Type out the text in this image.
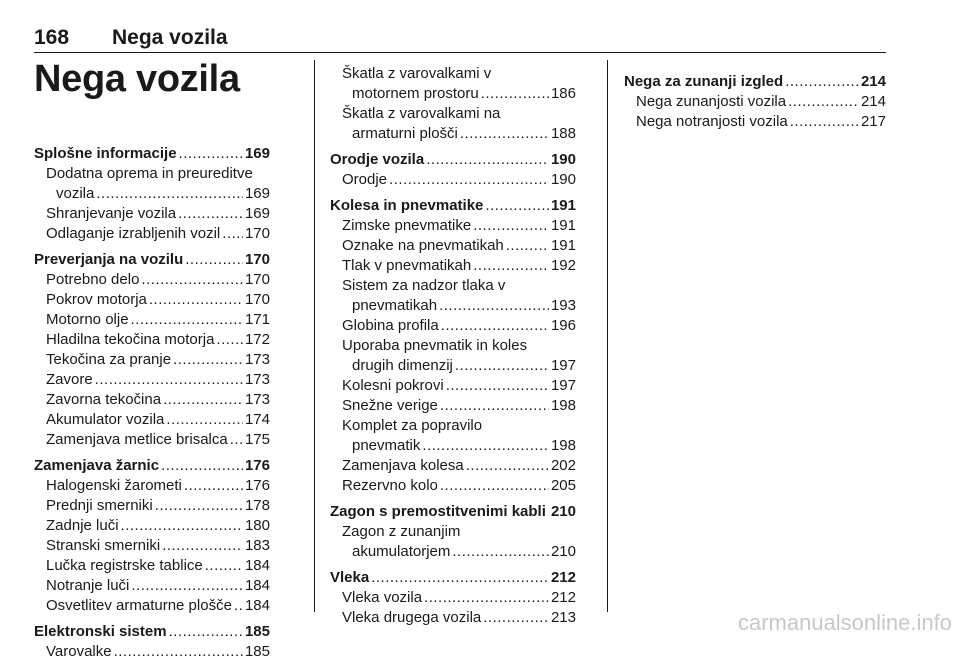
168 Nega vozila
Nega vozila
Splošne informacije .....	169
Dodatna oprema in preureditve
vozila .....	169
Shranjevanje vozila .....	169
Odlaganje izrabljenih vozil ..... 170
Preverjanja na vozilu .....	170
Potrebno delo .....	170
Pokrov motorja .....	170
Motorno olje .....	171
Hladilna tekočina motorja ..... 172
Tekočina za pranje .....	173
Zavore .....	173
Zavorna tekočina .....	173
Akumulator vozila .....	174
Zamenjava metlice brisalca ..... 175
Zamenjava žarnic .....	176
Halogenski žarometi .....	176
Prednji smerniki .....	178
Zadnje luči .....	180
Stranski smerniki .....	183
Lučka registrske tablice .....	184
Notranje luči .....	184
Osvetlitev armaturne plošče ..... 184
Elektronski sistem .....	185
Varovalke .....	185
Škatla z varovalkami v
motornem prostoru .....	186
Škatla z varovalkami na
armaturni plošči .....	188
Orodje vozila .....	190
Orodje .....	190
Kolesa in pnevmatike .....	191
Zimske pnevmatike .....	191
Oznake na pnevmatikah .....	191
Tlak v pnevmatikah .....	192
Sistem za nadzor tlaka v
pnevmatikah .....	193
Globina profila .....	196
Uporaba pnevmatik in koles
drugih dimenzij .....	197
Kolesni pokrovi .....	197
Snežne verige .....	198
Komplet za popravilo
pnevmatik .....	198
Zamenjava kolesa .....	202
Rezervno kolo .....	205
Zagon s premostitvenimi kabli ..... 210
Zagon z zunanjim
akumulatorjem .....	210
Vleka .....	212
Vleka vozila .....	212
Vleka drugega vozila .....	213
Nega za zunanji izgled .....	214
Nega zunanjosti vozila .....	214
Nega notranjosti vozila .....	217
carmanualsonline.info
